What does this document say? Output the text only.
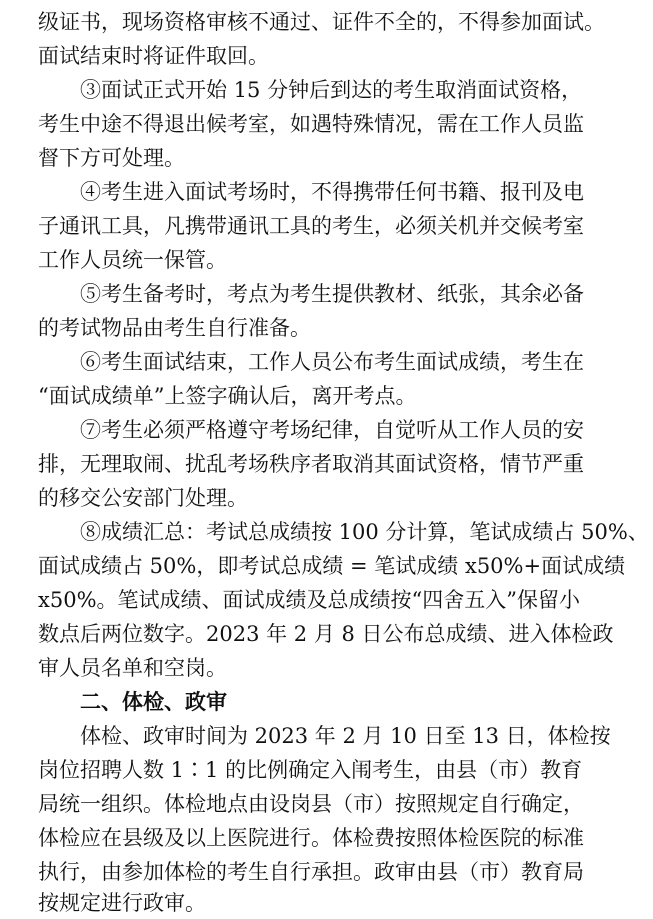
级证书，现场资格审核不通过、证件不全的，不得参加面试。
面试结束时将证件取回。
③面试正式开始 15 分钟后到达的考生取消面试资格，
考生中途不得退出候考室，如遇特殊情况，需在工作人员监
督下方可处理。
④考生进入面试考场时，不得携带任何书籍、报刊及电
子通讯工具，凡携带通讯工具的考生，必须关机并交候考室
工作人员统一保管。
⑤考生备考时，考点为考生提供教材、纸张，其余必备
的考试物品由考生自行准备。
⑥考生面试结束，工作人员公布考生面试成绩，考生在
“面试成绩单”上签字确认后，离开考点。
⑦考生必须严格遵守考场纪律，自觉听从工作人员的安
排，无理取闹、扰乱考场秩序者取消其面试资格，情节严重
的移交公安部门处理。
⑧成绩汇总：考试总成绩按 100 分计算，笔试成绩占 50%、
面试成绩占 50%，即考试总成绩 = 笔试成绩 x50%+面试成绩
x50%。笔试成绩、面试成绩及总成绩按“四舍五入”保留小
数点后两位数字。2023 年 2 月 8 日公布总成绩、进入体检政
审人员名单和空岗。
二、体检、政审
体检、政审时间为 2023 年 2 月 10 日至 13 日，体检按
岗位招聘人数 1∶1 的比例确定入闱考生，由县（市）教育
局统一组织。体检地点由设岗县（市）按照规定自行确定，
体检应在县级及以上医院进行。体检费按照体检医院的标准
执行，由参加体检的考生自行承担。政审由县（市）教育局
按规定进行政审。
